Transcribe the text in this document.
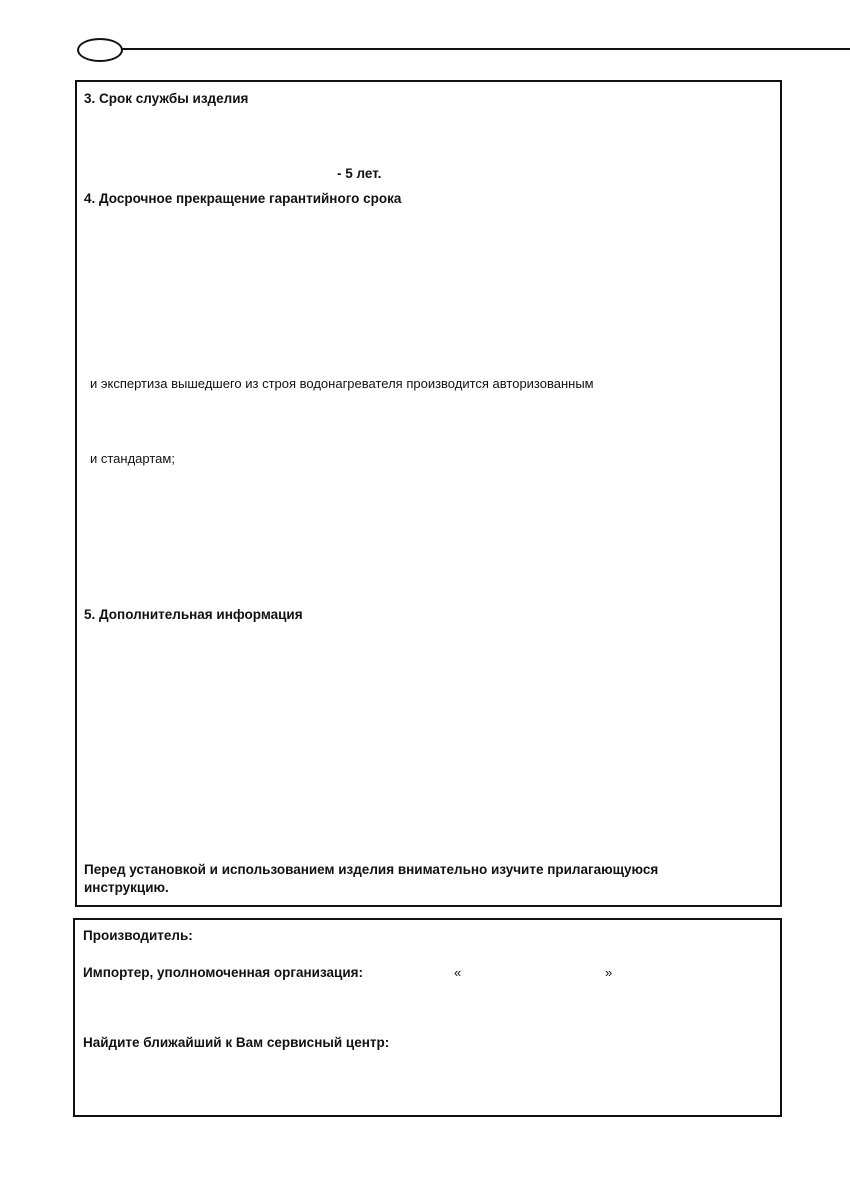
3. Срок службы изделия
- 5 лет.
4. Досрочное прекращение гарантийного срока
и экспертиза вышедшего из строя водонагревателя производится авторизованным
и стандартам;
5. Дополнительная информация
Перед установкой и использованием изделия внимательно изучите прилагающуюся
инструкцию.
Производитель:
Импортер, уполномоченная организация:	«	»
Найдите ближайший к Вам сервисный центр:
